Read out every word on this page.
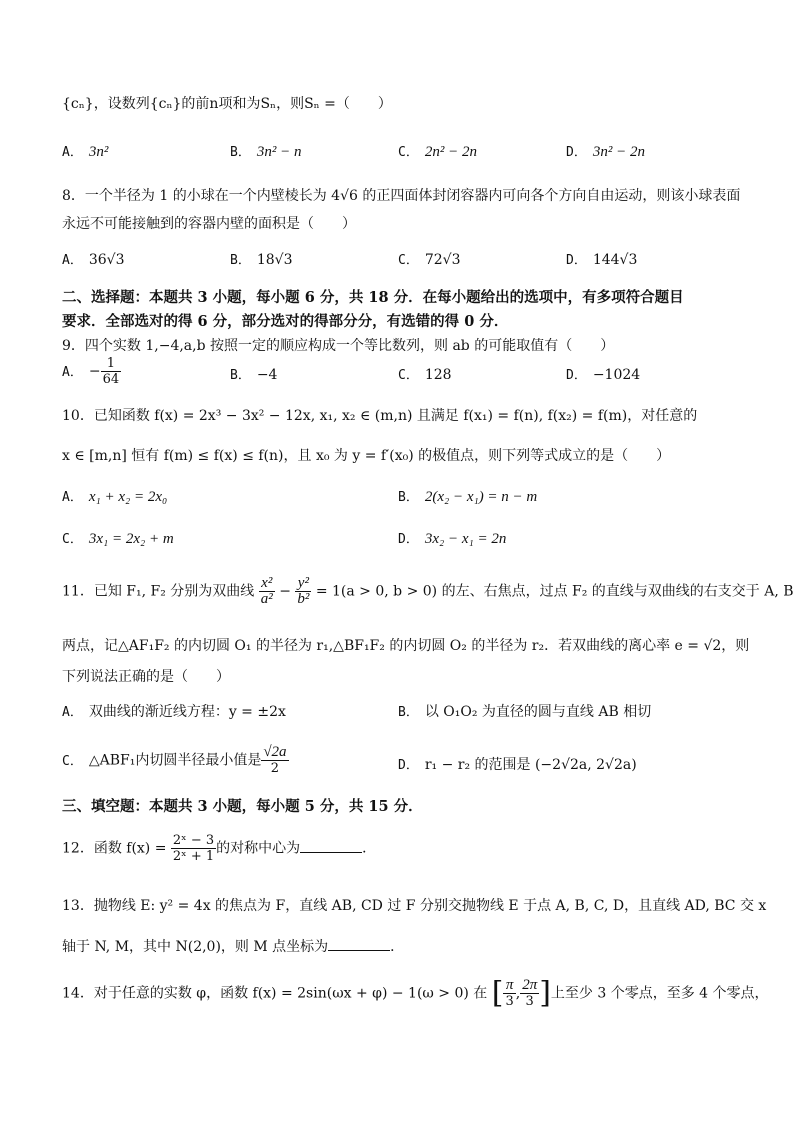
{cₙ}，设数列{cₙ}的前n项和为Sₙ，则Sₙ =（　　）
A． 3n²	B． 3n² − n	C． 2n² − 2n	D． 3n² − 2n
8．一个半径为 1 的小球在一个内壁棱长为 4√6 的正四面体封闭容器内可向各个方向自由运动，则该小球表面
永远不可能接触到的容器内壁的面积是（　　）
A． 36√3	B． 18√3	C． 72√3	D． 144√3
二、选择题：本题共 3 小题，每小题 6 分，共 18 分．在每小题给出的选项中，有多项符合题目
要求．全部选对的得 6 分，部分选对的得部分分，有选错的得 0 分．
9．四个实数 1,−4,a,b 按照一定的顺应构成一个等比数列，则 ab 的可能取值有（　　）
A． − $\frac{1}{64}$	B． −4	C． 128	D． −1024
10．已知函数 f(x) = 2x³ − 3x² − 12x, x₁, x₂ ∈ (m,n) 且满足 f(x₁) = f(n), f(x₂) = f(m)，对任意的
x ∈ [m,n] 恒有 f(m) ≤ f(x) ≤ f(n)，且 x₀ 为 y = f′(x₀) 的极值点，则下列等式成立的是（　　）
A． x₁ + x₂ = 2x₀	B． 2(x₂ − x₁) = n − m
C． 3x₁ = 2x₂ + m	D． 3x₂ − x₁ = 2n
11．已知 F₁, F₂ 分别为双曲线 $\frac{\text{x²}}{\text{a²}} - \frac{\text{y²}}{\text{b²}} = 1(a > 0$, b > 0) 的左、右焦点，过点 F₂ 的直线与双曲线的右支交于 A, B
两点，记△AF₁F₂ 的内切圆 O₁ 的半径为 r₁,△BF₁F₂ 的内切圆 O₂ 的半径为 r₂．若双曲线的离心率 e = √2，则
下列说法正确的是（　　）
A． 双曲线的渐近线方程：y = ±2x	B． 以 O₁O₂ 为直径的圆与直线 AB 相切
C． △ABF₁内切圆半径最小值是 $\frac{√2a}{2}$	D． r₁ − r₂ 的范围是 (−2√2a, 2√2a)
三、填空题：本题共 3 小题，每小题 5 分，共 15 分．
12．函数 $f(x) = \frac{\text{2ˣ − 3}}{\text{2ˣ + 1}}$ 的对称中心为	．
13．抛物线 E: y² = 4x 的焦点为 F，直线 AB, CD 过 F 分别交抛物线 E 于点 A, B, C, D，且直线 AD, BC 交 x
轴于 N, M，其中 N(2,0)，则 M 点坐标为	．
14．对于任意的实数 φ，函数 f(x) = 2sin(ωx + φ) − 1(ω > 0) 在 [ $\frac{\pi}{3}$ , $\frac{2\pi}{3}$ ]上至少 3 个零点，至多 4 个零点，
